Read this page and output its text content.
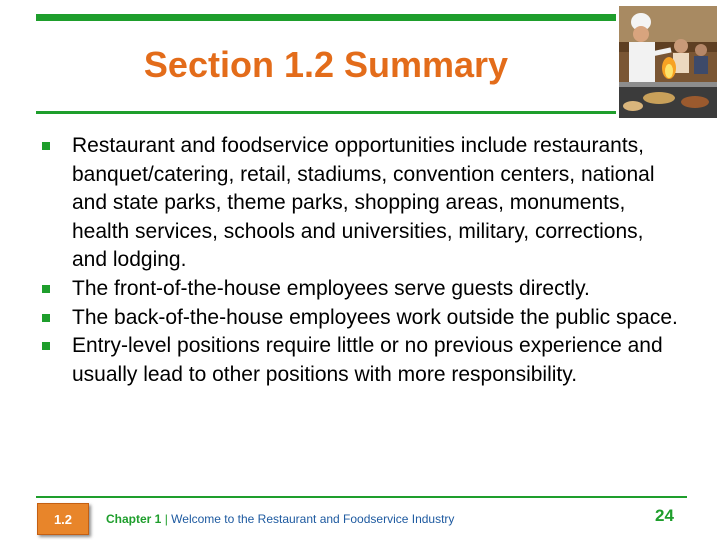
Section 1.2 Summary
Restaurant and foodservice opportunities include restaurants, banquet/catering, retail, stadiums, convention centers, national and state parks, theme parks, shopping areas, monuments, health services, schools and universities, military, corrections, and lodging.
The front-of-the-house employees serve guests directly.
The back-of-the-house employees work outside the public space.
Entry-level positions require little or no previous experience and usually lead to other positions with more responsibility.
1.2	Chapter 1 | Welcome to the Restaurant and Foodservice Industry	24
